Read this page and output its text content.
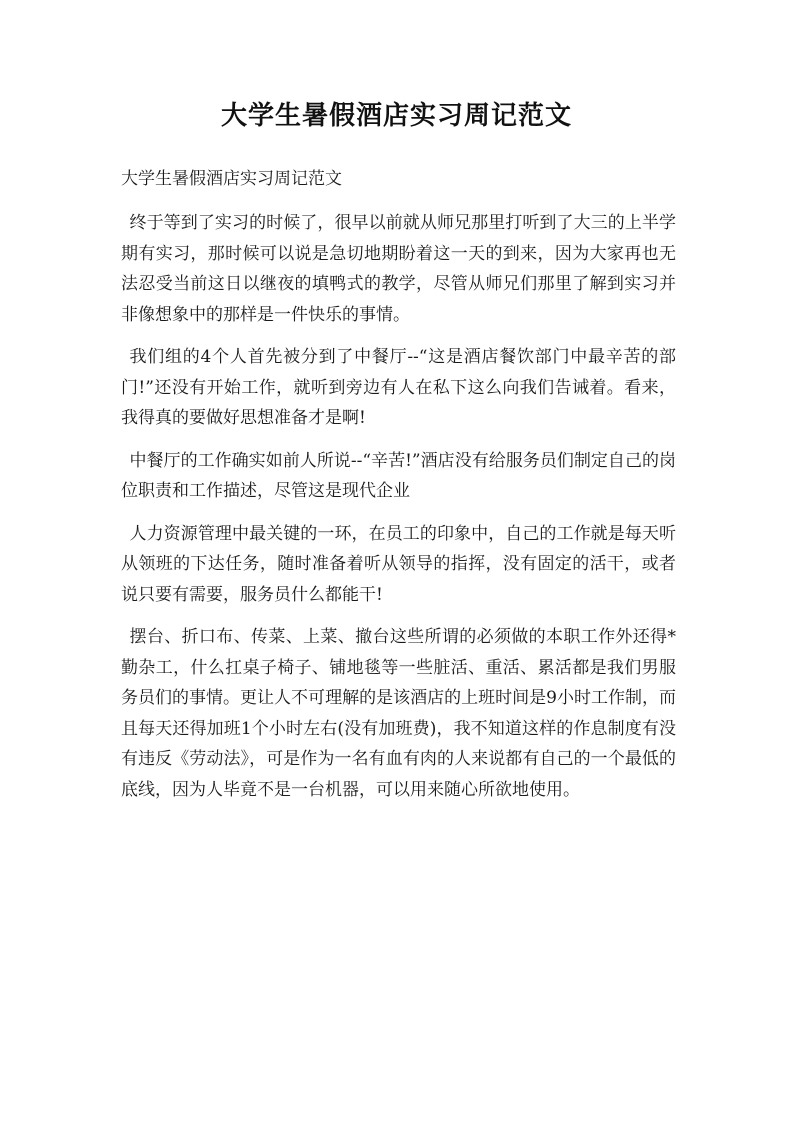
大学生暑假酒店实习周记范文

大学生暑假酒店实习周记范文

终于等到了实习的时候了，很早以前就从师兄那里打听到了大三的上半学期有实习，那时候可以说是急切地期盼着这一天的到来，因为大家再也无法忍受当前这日以继夜的填鸭式的教学，尽管从师兄们那里了解到实习并非像想象中的那样是一件快乐的事情。

我们组的4个人首先被分到了中餐厅--“这是酒店餐饮部门中最辛苦的部门!”还没有开始工作，就听到旁边有人在私下这么向我们告诫着。看来，我得真的要做好思想准备才是啊!

中餐厅的工作确实如前人所说--“辛苦!”酒店没有给服务员们制定自己的岗位职责和工作描述，尽管这是现代企业

人力资源管理中最关键的一环，在员工的印象中，自己的工作就是每天听从领班的下达任务，随时准备着听从领导的指挥，没有固定的活干，或者说只要有需要，服务员什么都能干!

摆台、折口布、传菜、上菜、撤台这些所谓的必须做的本职工作外还得*勤杂工，什么扛桌子椅子、铺地毯等一些脏活、重活、累活都是我们男服务员们的事情。更让人不可理解的是该酒店的上班时间是9小时工作制，而且每天还得加班1个小时左右(没有加班费)，我不知道这样的作息制度有没有违反《劳动法》，可是作为一名有血有肉的人来说都有自己的一个最低的底线，因为人毕竟不是一台机器，可以用来随心所欲地使用。
